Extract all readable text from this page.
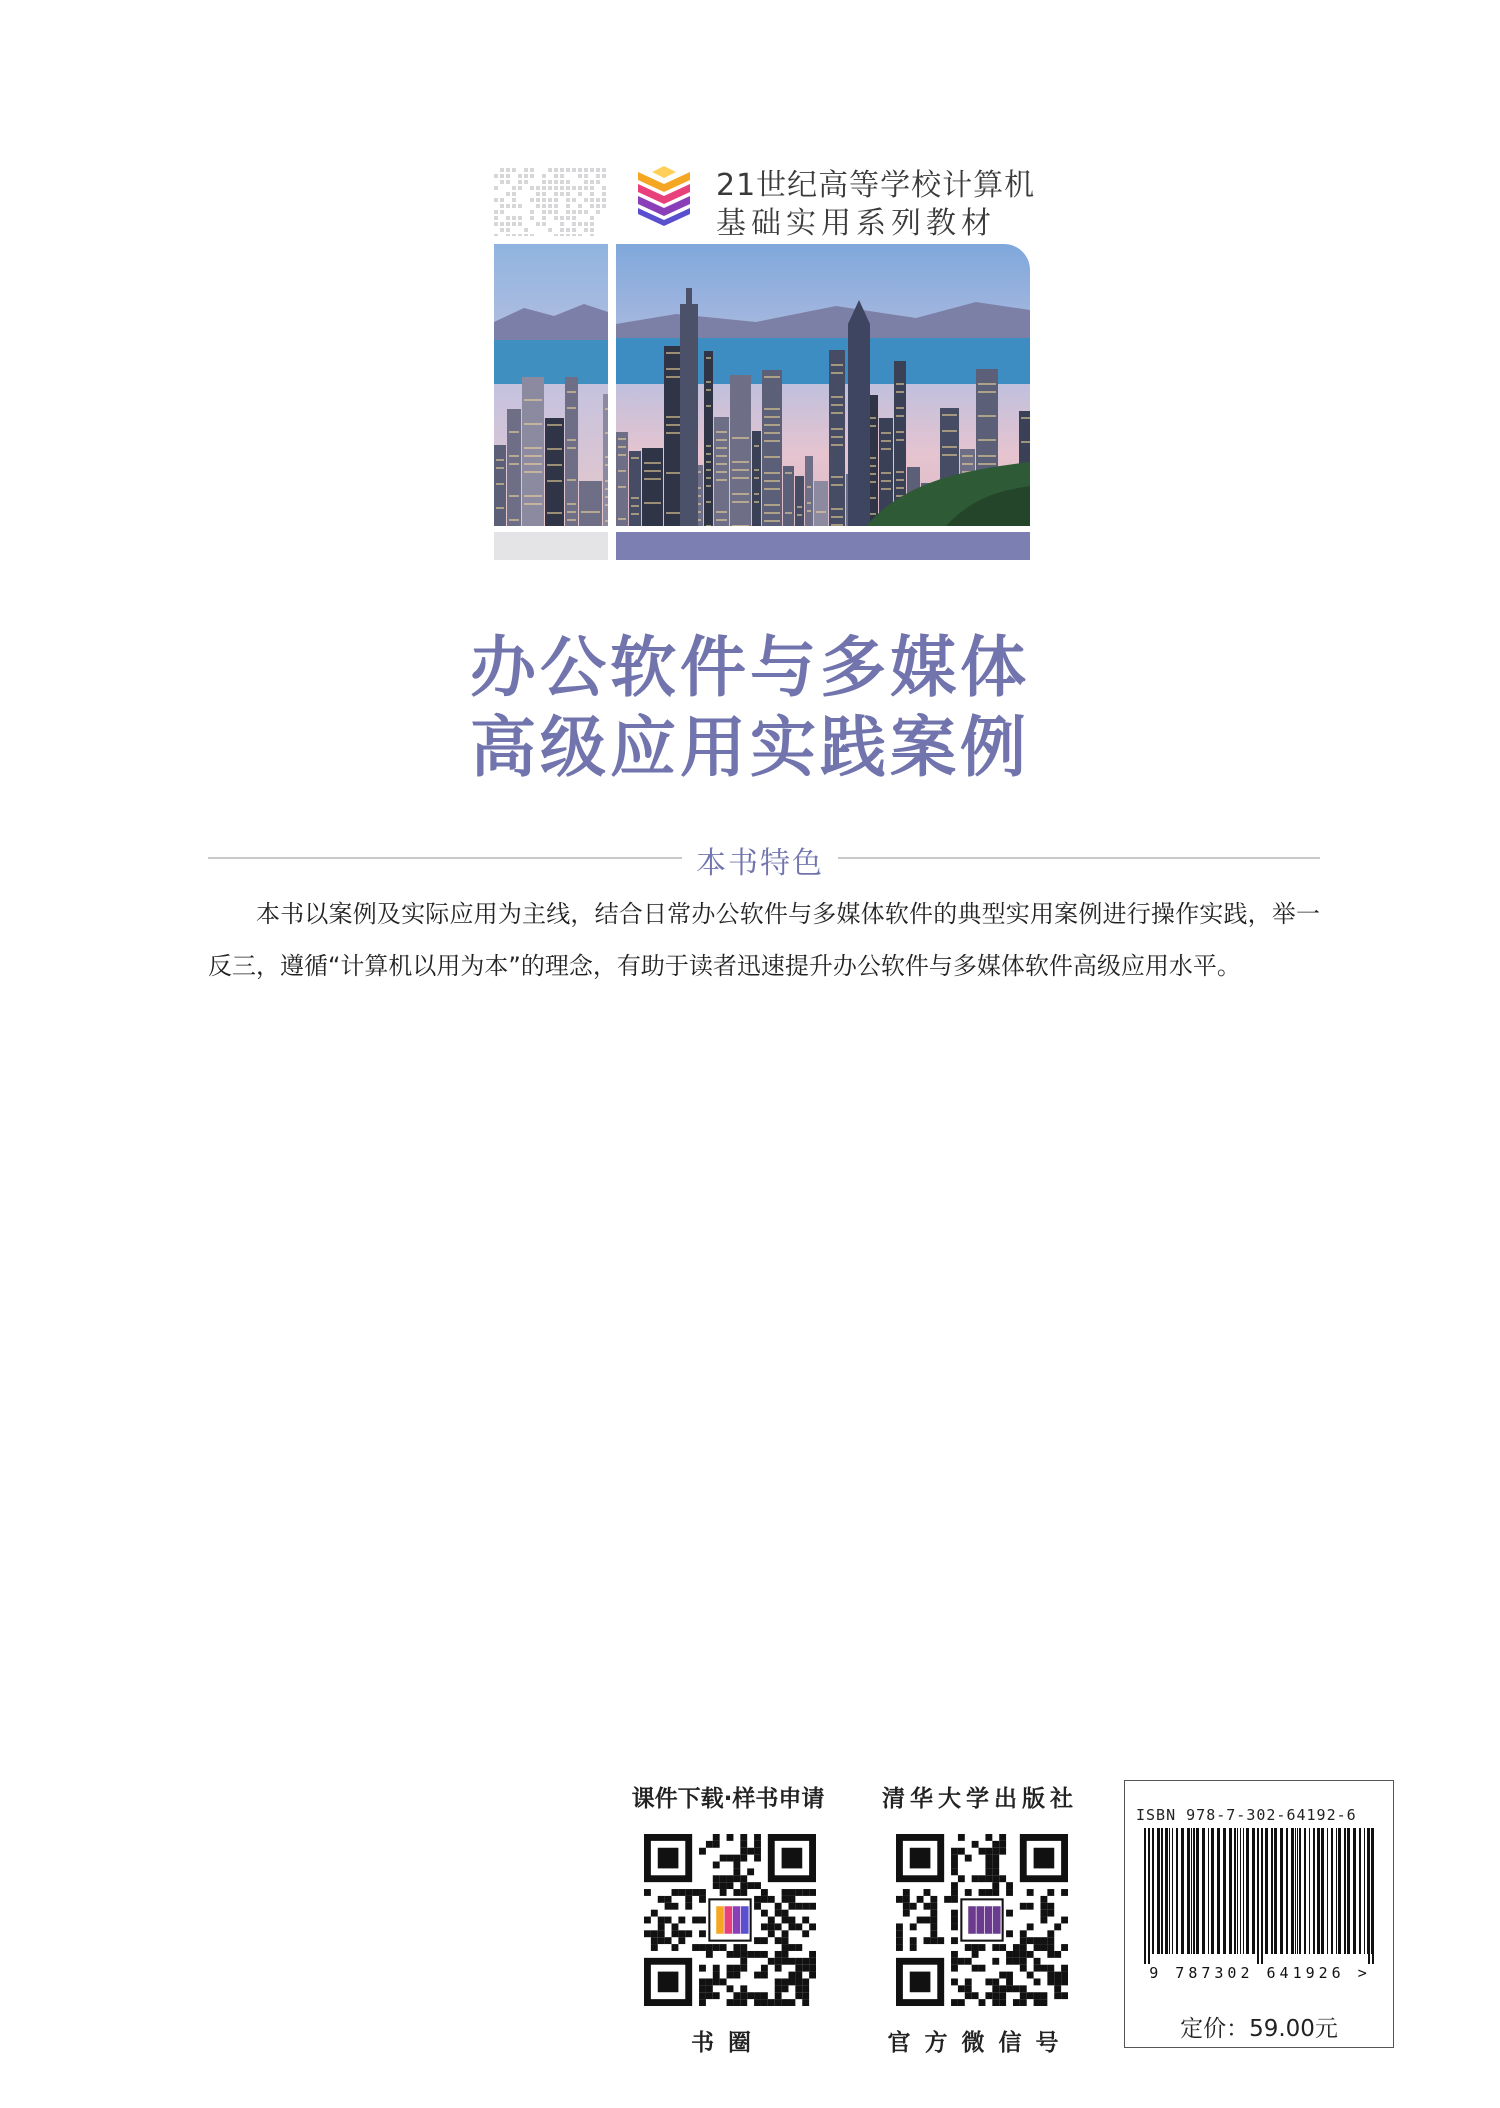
21世纪高等学校计算机
基础实用系列教材
办公软件与多媒体
高级应用实践案例
本书特色

本书以案例及实际应用为主线，结合日常办公软件与多媒体软件的典型实用案例进行操作实践，举一反三，遵循“计算机以用为本”的理念，有助于读者迅速提升办公软件与多媒体软件高级应用水平。

课件下载·样书申请
书圈
清华大学出版社
官方微信号
ISBN 978-7-302-64192-6
9 787302 641926 >
定价：59.00元
